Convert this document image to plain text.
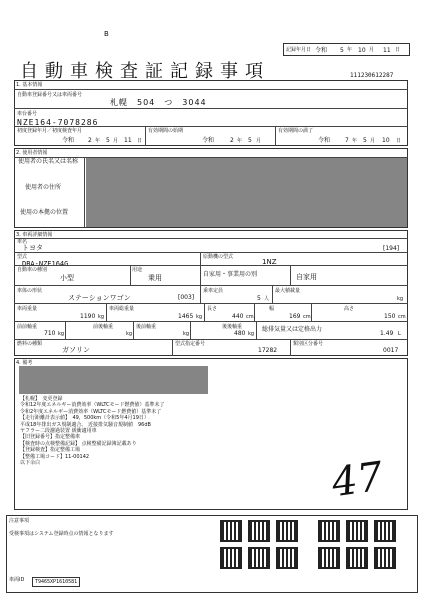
B
記録年月日 令和 5 年 10 月 11 日
自動車検査証記録事項	111230612287
1. 基本情報
自動車登録番号又は車両番号
札幌　504　つ　3044
車台番号
NZE164-7078286
初度登録年月／初度検査年月
令和 2 年 5 月 11 日
有効期間の始期
令和	2 年 5 月
有効期間の満了
令和 7 年 5 月 10 日
2. 使用者情報
使用者の氏名又は名称
使用者の住所
使用の本拠の位置
3. 車両詳細情報
車名
トヨタ	[194]
型式
DBA-NZE164G
原動機の型式
1NZ
自動車の種別
小型
用途
乗用	自家用・事業用の別	自家用
車体の形状
ステーションワゴン	[003]
乗車定員
5 人
最大積載量
kg
車両重量
1190 kg
車両総重量
1465 kg
長さ
440 cm
幅
169 cm
高さ
150 cm
前前軸重
710 kg
前後軸重
kg
後前軸重
kg
後後軸重
480 kg
総排気量又は定格出力
1.49 L
燃料の種類
ガソリン
型式指定番号
17282
類別区分番号
0017
4. 備考
【札幌】　変更登録
令和12年度エネルギー消費効率（WLTCモード燃費値）基準未了
令和2年度エネルギー消費効率（WLTCモード燃費値）基準未了
【走行距離計表示値】　49，500km（令和5年4月19日）
平成18年排出ガス規制適合、 近接排気騒音規制値　96dB
ヤフラー二段濾過装置 緩衝適用車
【旧登録番号】指定整備車
【検査時の点検整備記録】 点検整備記録簿記載あり
【登録検査】指定整備工場
【整備工場コード】11-00142
以下余白	47
注意事項
受検事項はシステム登録時点の情報となります
車両ID	T9465XP1610581
